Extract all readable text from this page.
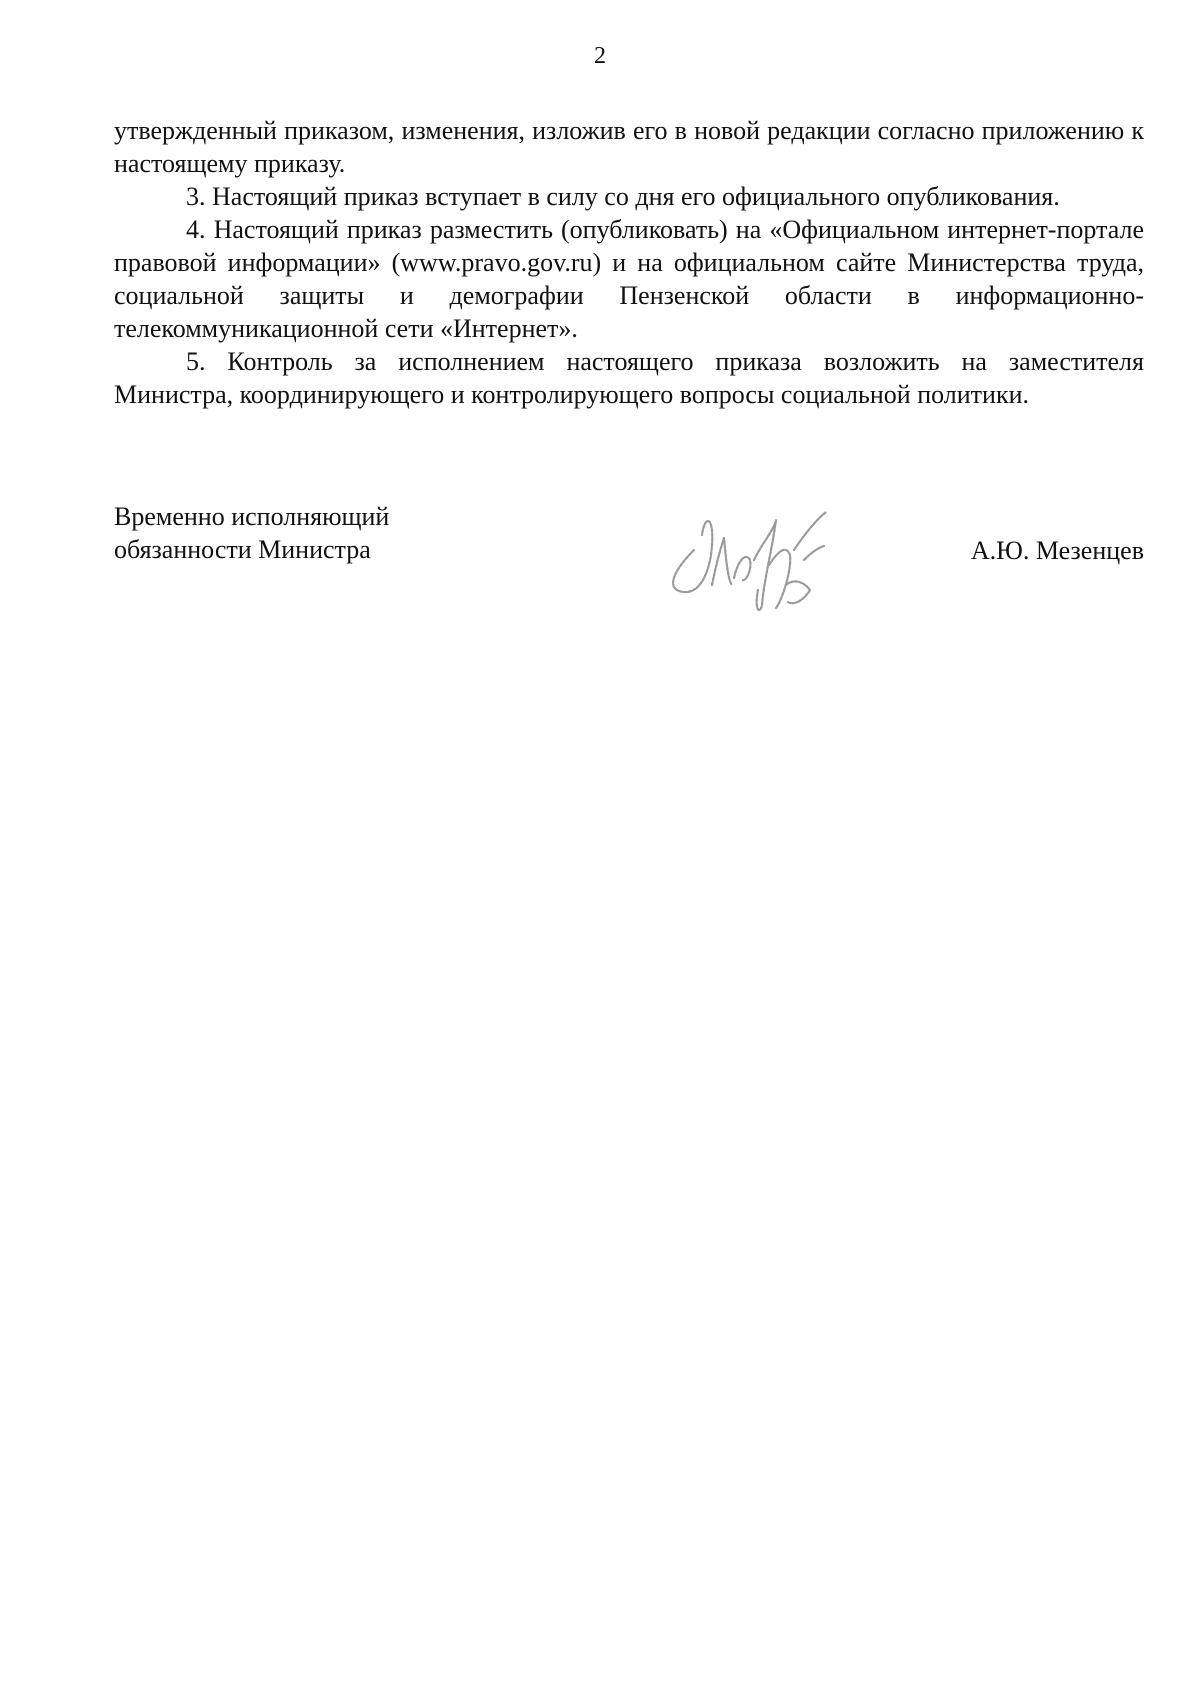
2

утвержденный приказом, изменения, изложив его в новой редакции согласно приложению к настоящему приказу.

3. Настоящий приказ вступает в силу со дня его официального опубликования.

4. Настоящий приказ разместить (опубликовать) на «Официальном интернет-портале правовой информации» (www.pravo.gov.ru) и на официальном сайте Министерства труда, социальной защиты и демографии Пензенской области в информационно-телекоммуникационной сети «Интернет».

5. Контроль за исполнением настоящего приказа возложить на заместителя Министра, координирующего и контролирующего вопросы социальной политики.

Временно исполняющий
обязанности Министра	А.Ю. Мезенцев
